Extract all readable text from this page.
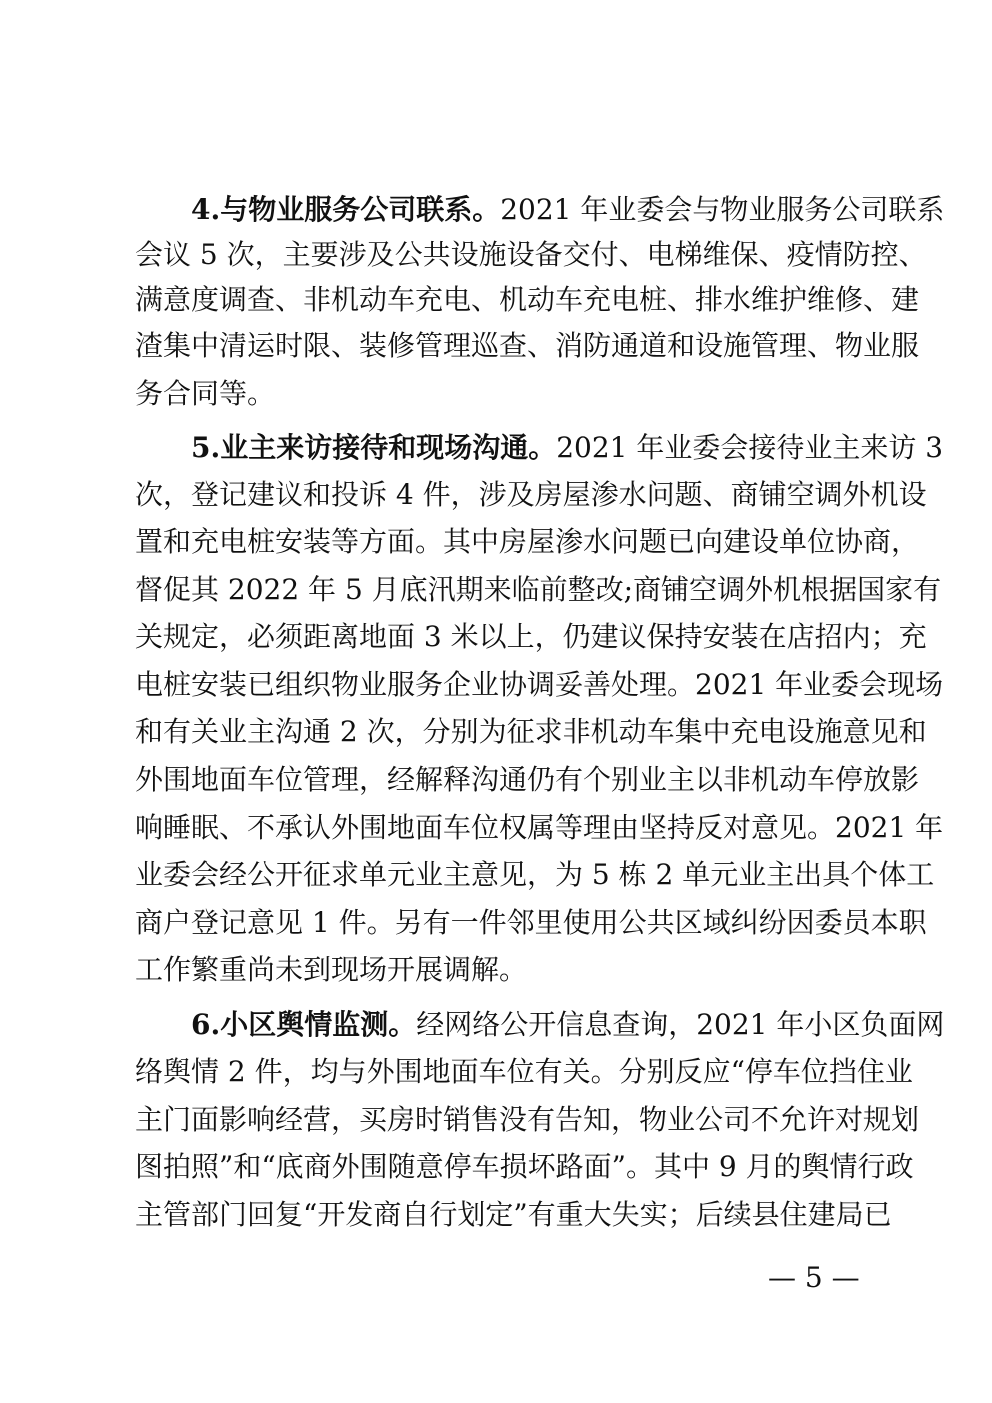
4.与物业服务公司联系。2021 年业委会与物业服务公司联系
会议 5 次，主要涉及公共设施设备交付、电梯维保、疫情防控、
满意度调查、非机动车充电、机动车充电桩、排水维护维修、建
渣集中清运时限、装修管理巡查、消防通道和设施管理、物业服
务合同等。
5.业主来访接待和现场沟通。2021 年业委会接待业主来访 3
次，登记建议和投诉 4 件，涉及房屋渗水问题、商铺空调外机设
置和充电桩安装等方面。其中房屋渗水问题已向建设单位协商，
督促其 2022 年 5 月底汛期来临前整改;商铺空调外机根据国家有
关规定，必须距离地面 3 米以上，仍建议保持安装在店招内；充
电桩安装已组织物业服务企业协调妥善处理。2021 年业委会现场
和有关业主沟通 2 次，分别为征求非机动车集中充电设施意见和
外围地面车位管理，经解释沟通仍有个别业主以非机动车停放影
响睡眠、不承认外围地面车位权属等理由坚持反对意见。2021 年
业委会经公开征求单元业主意见，为 5 栋 2 单元业主出具个体工
商户登记意见 1 件。另有一件邻里使用公共区域纠纷因委员本职
工作繁重尚未到现场开展调解。
6.小区舆情监测。经网络公开信息查询，2021 年小区负面网
络舆情 2 件，均与外围地面车位有关。分别反应“停车位挡住业
主门面影响经营，买房时销售没有告知，物业公司不允许对规划
图拍照”和“底商外围随意停车损坏路面”。其中 9 月的舆情行政
主管部门回复“开发商自行划定”有重大失实；后续县住建局已
— 5 —
